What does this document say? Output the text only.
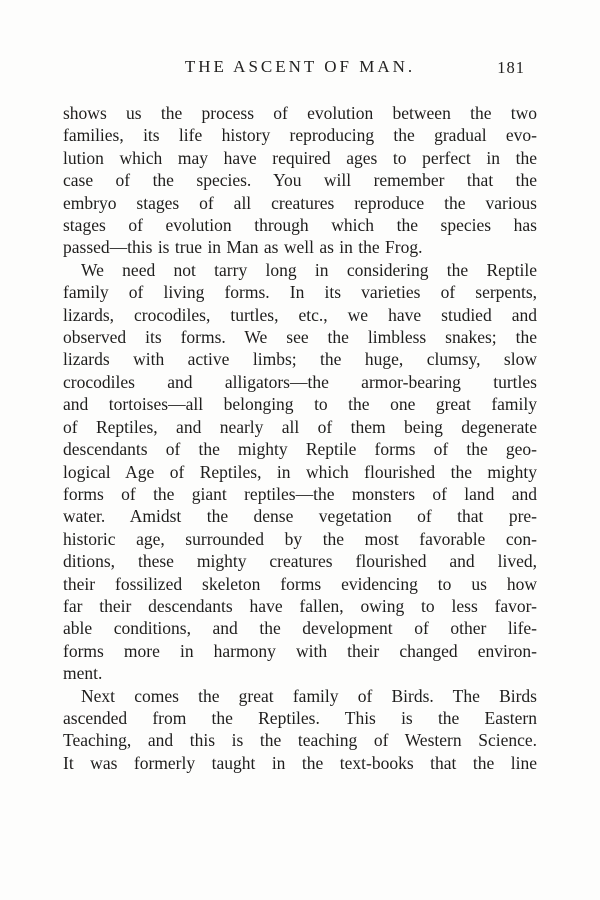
THE ASCENT OF MAN.	181
shows us the process of evolution between the two
families, its life history reproducing the gradual evo-
lution which may have required ages to perfect in the
case of the species. You will remember that the
embryo stages of all creatures reproduce the various
stages of evolution through which the species has
passed—this is true in Man as well as in the Frog.
We need not tarry long in considering the Reptile
family of living forms. In its varieties of serpents,
lizards, crocodiles, turtles, etc., we have studied and
observed its forms. We see the limbless snakes; the
lizards with active limbs; the huge, clumsy, slow
crocodiles and alligators—the armor-bearing turtles
and tortoises—all belonging to the one great family
of Reptiles, and nearly all of them being degenerate
descendants of the mighty Reptile forms of the geo-
logical Age of Reptiles, in which flourished the mighty
forms of the giant reptiles—the monsters of land and
water. Amidst the dense vegetation of that pre-
historic age, surrounded by the most favorable con-
ditions, these mighty creatures flourished and lived,
their fossilized skeleton forms evidencing to us how
far their descendants have fallen, owing to less favor-
able conditions, and the development of other life-
forms more in harmony with their changed environ-
ment.
Next comes the great family of Birds. The Birds
ascended from the Reptiles. This is the Eastern
Teaching, and this is the teaching of Western Science.
It was formerly taught in the text-books that the line
